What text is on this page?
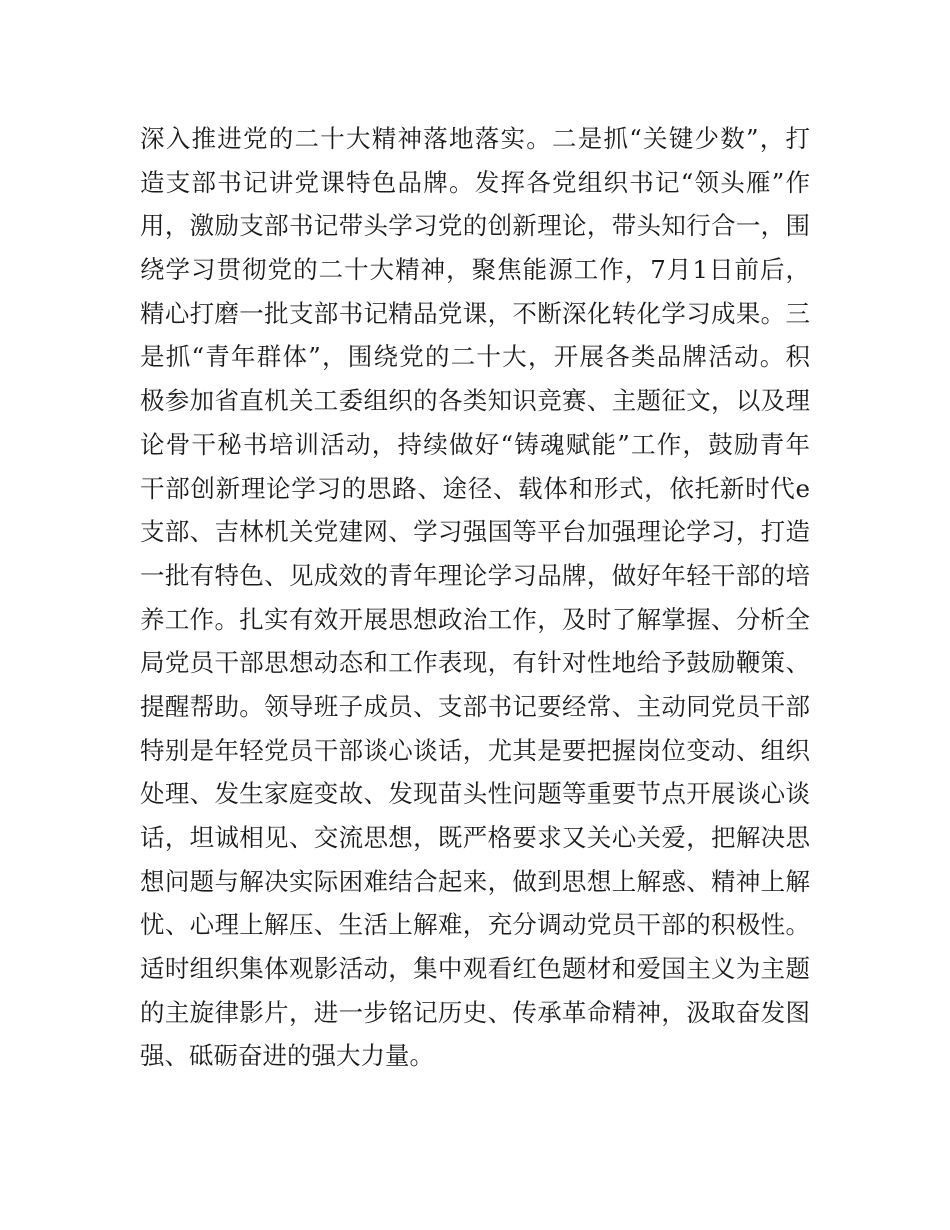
深入推进党的二十大精神落地落实。二是抓“关键少数”，打
造支部书记讲党课特色品牌。发挥各党组织书记“领头雁”作
用，激励支部书记带头学习党的创新理论，带头知行合一，围
绕学习贯彻党的二十大精神，聚焦能源工作，7月1日前后，
精心打磨一批支部书记精品党课，不断深化转化学习成果。三
是抓“青年群体”，围绕党的二十大，开展各类品牌活动。积
极参加省直机关工委组织的各类知识竞赛、主题征文，以及理
论骨干秘书培训活动，持续做好“铸魂赋能”工作，鼓励青年
干部创新理论学习的思路、途径、载体和形式，依托新时代e
支部、吉林机关党建网、学习强国等平台加强理论学习，打造
一批有特色、见成效的青年理论学习品牌，做好年轻干部的培
养工作。扎实有效开展思想政治工作，及时了解掌握、分析全
局党员干部思想动态和工作表现，有针对性地给予鼓励鞭策、
提醒帮助。领导班子成员、支部书记要经常、主动同党员干部
特别是年轻党员干部谈心谈话，尤其是要把握岗位变动、组织
处理、发生家庭变故、发现苗头性问题等重要节点开展谈心谈
话，坦诚相见、交流思想，既严格要求又关心关爱，把解决思
想问题与解决实际困难结合起来，做到思想上解惑、精神上解
忧、心理上解压、生活上解难，充分调动党员干部的积极性。
适时组织集体观影活动，集中观看红色题材和爱国主义为主题
的主旋律影片，进一步铭记历史、传承革命精神，汲取奋发图
强、砥砺奋进的强大力量。
